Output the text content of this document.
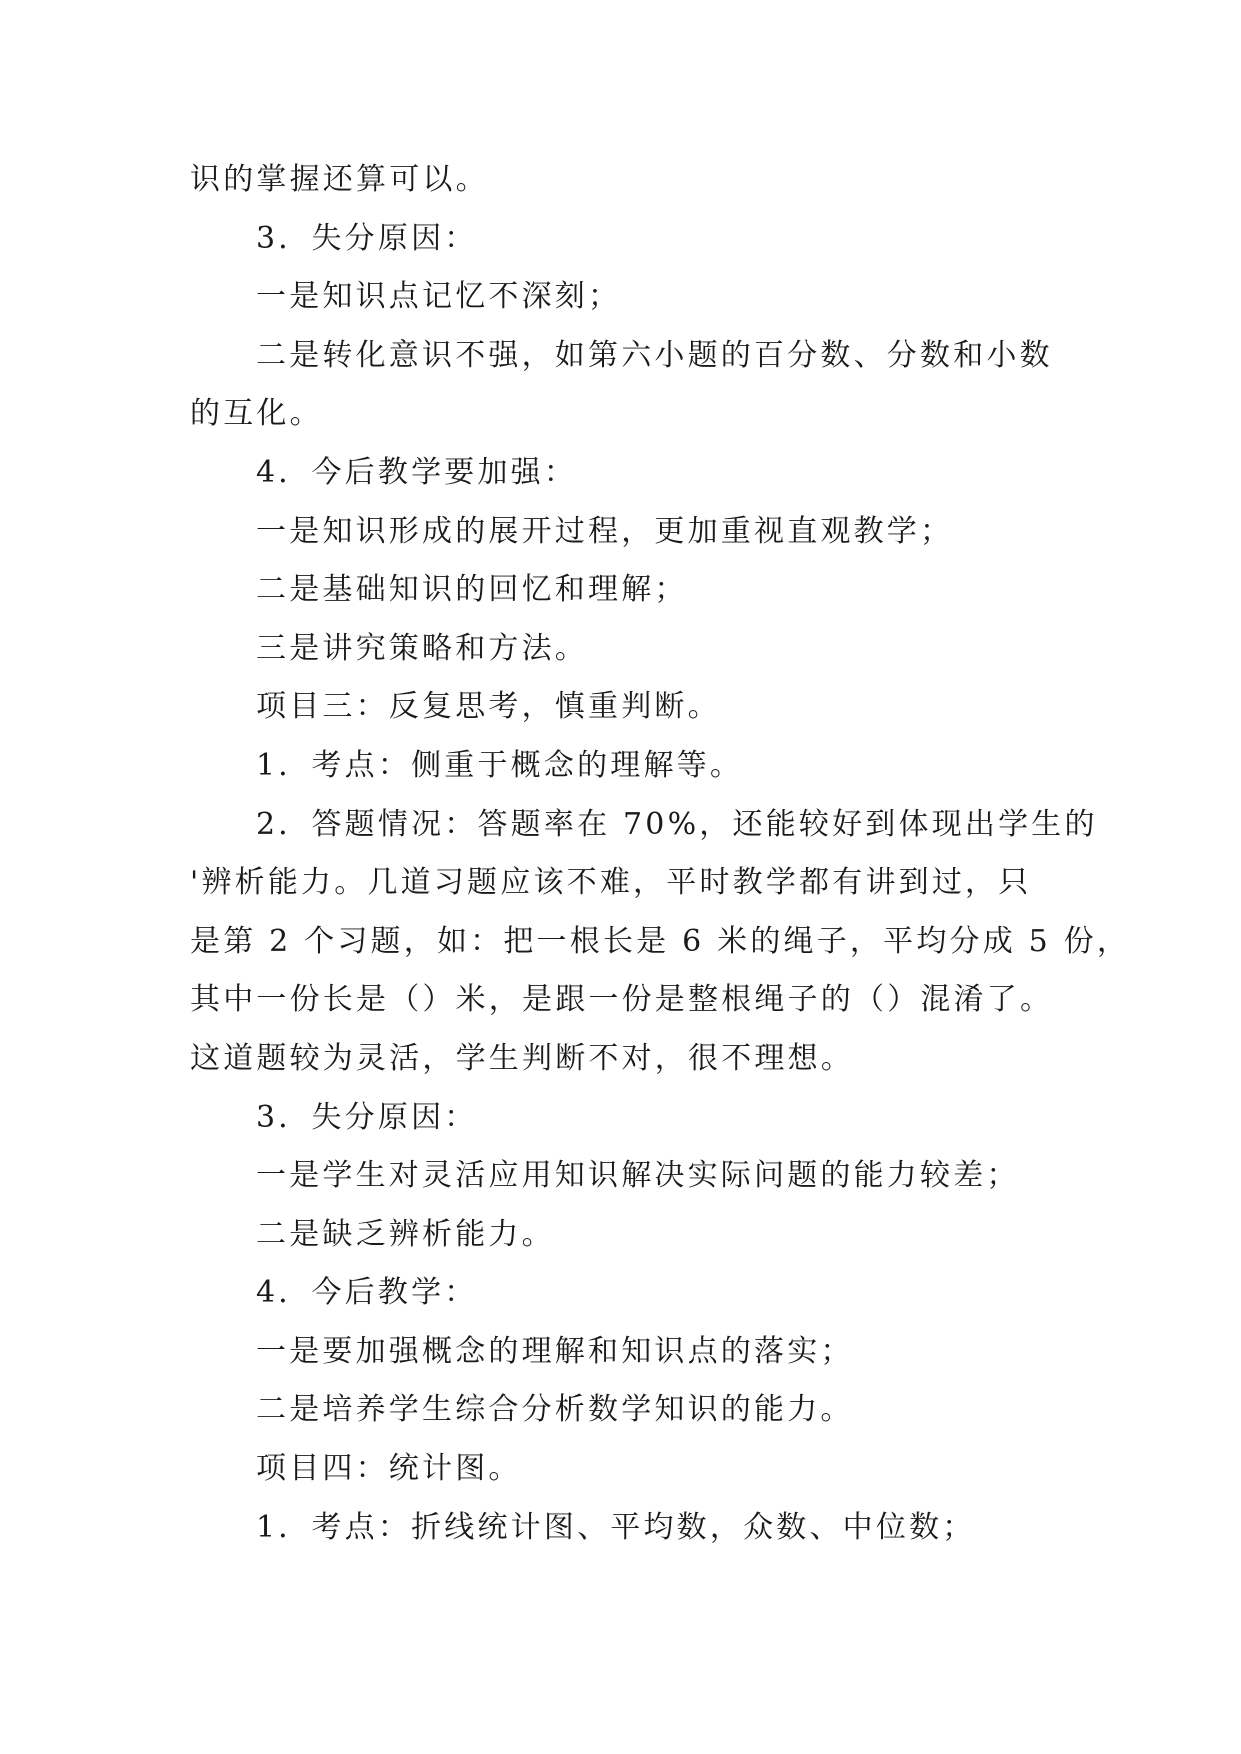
识的掌握还算可以。
3．失分原因：
一是知识点记忆不深刻；
二是转化意识不强，如第六小题的百分数、分数和小数
的互化。
4．今后教学要加强：
一是知识形成的展开过程，更加重视直观教学；
二是基础知识的回忆和理解；
三是讲究策略和方法。
项目三：反复思考，慎重判断。
1．考点：侧重于概念的理解等。
2．答题情况：答题率在 70%，还能较好到体现出学生的
'辨析能力。几道习题应该不难，平时教学都有讲到过，只
是第 2 个习题，如：把一根长是 6 米的绳子，平均分成 5 份，
其中一份长是（）米，是跟一份是整根绳子的（）混淆了。
这道题较为灵活，学生判断不对，很不理想。
3．失分原因：
一是学生对灵活应用知识解决实际问题的能力较差；
二是缺乏辨析能力。
4．今后教学：
一是要加强概念的理解和知识点的落实；
二是培养学生综合分析数学知识的能力。
项目四：统计图。
1．考点：折线统计图、平均数，众数、中位数；
